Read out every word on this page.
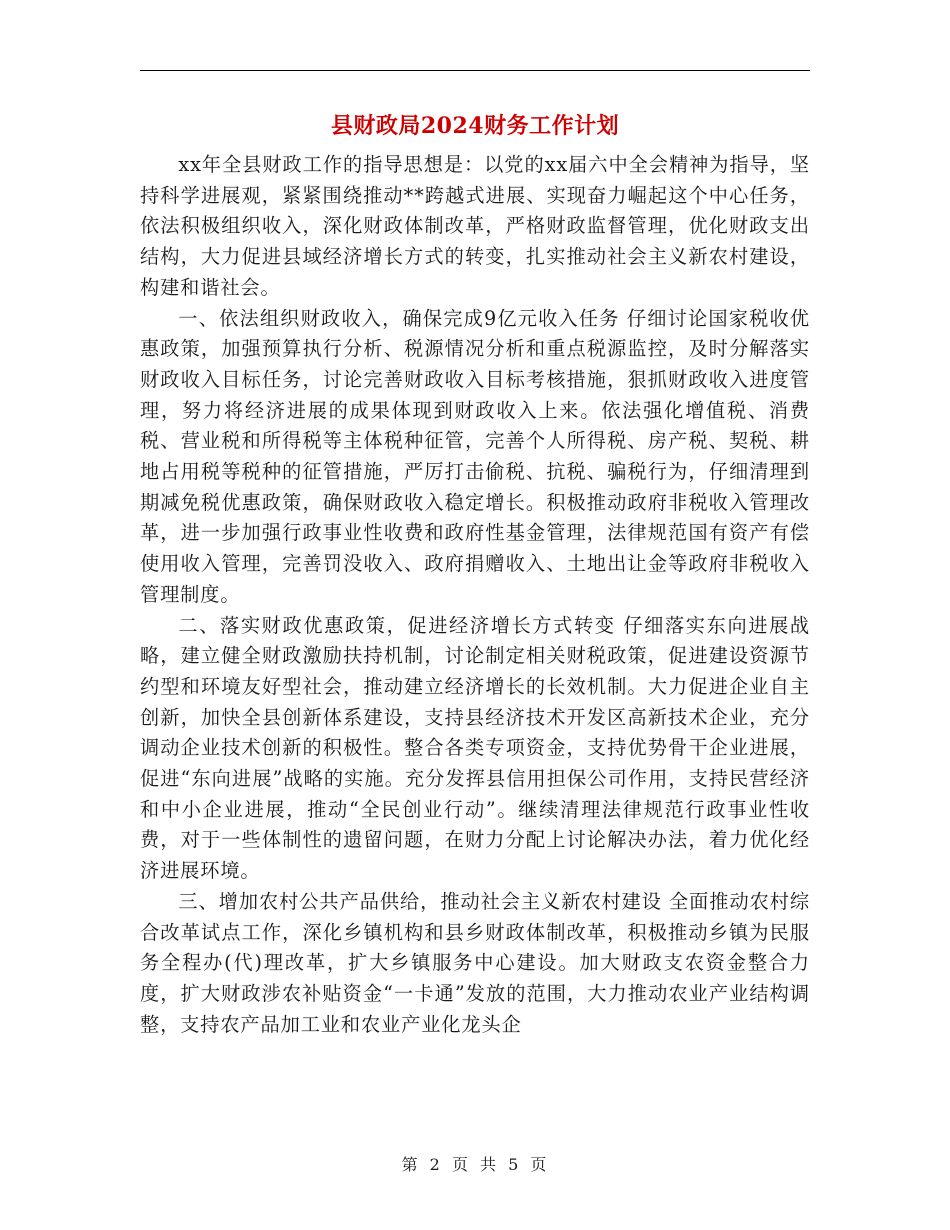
县财政局2024财务工作计划

xx年全县财政工作的指导思想是：以党的xx届六中全会精神为指导，坚持科学进展观，紧紧围绕推动**跨越式进展、实现奋力崛起这个中心任务，依法积极组织收入，深化财政体制改革，严格财政监督管理，优化财政支出结构，大力促进县域经济增长方式的转变，扎实推动社会主义新农村建设，构建和谐社会。

一、依法组织财政收入，确保完成9亿元收入任务 仔细讨论国家税收优惠政策，加强预算执行分析、税源情况分析和重点税源监控，及时分解落实财政收入目标任务，讨论完善财政收入目标考核措施，狠抓财政收入进度管理，努力将经济进展的成果体现到财政收入上来。依法强化增值税、消费税、营业税和所得税等主体税种征管，完善个人所得税、房产税、契税、耕地占用税等税种的征管措施，严厉打击偷税、抗税、骗税行为，仔细清理到期减免税优惠政策，确保财政收入稳定增长。积极推动政府非税收入管理改革，进一步加强行政事业性收费和政府性基金管理，法律规范国有资产有偿使用收入管理，完善罚没收入、政府捐赠收入、土地出让金等政府非税收入管理制度。

二、落实财政优惠政策，促进经济增长方式转变 仔细落实东向进展战略，建立健全财政激励扶持机制，讨论制定相关财税政策，促进建设资源节约型和环境友好型社会，推动建立经济增长的长效机制。大力促进企业自主创新，加快全县创新体系建设，支持县经济技术开发区高新技术企业，充分调动企业技术创新的积极性。整合各类专项资金，支持优势骨干企业进展，促进“东向进展”战略的实施。充分发挥县信用担保公司作用，支持民营经济和中小企业进展，推动“全民创业行动”。继续清理法律规范行政事业性收费，对于一些体制性的遗留问题，在财力分配上讨论解决办法，着力优化经济进展环境。

三、增加农村公共产品供给，推动社会主义新农村建设 全面推动农村综合改革试点工作，深化乡镇机构和县乡财政体制改革，积极推动乡镇为民服务全程办(代)理改革，扩大乡镇服务中心建设。加大财政支农资金整合力度，扩大财政涉农补贴资金“一卡通”发放的范围，大力推动农业产业结构调整，支持农产品加工业和农业产业化龙头企

第 2 页 共 5 页
